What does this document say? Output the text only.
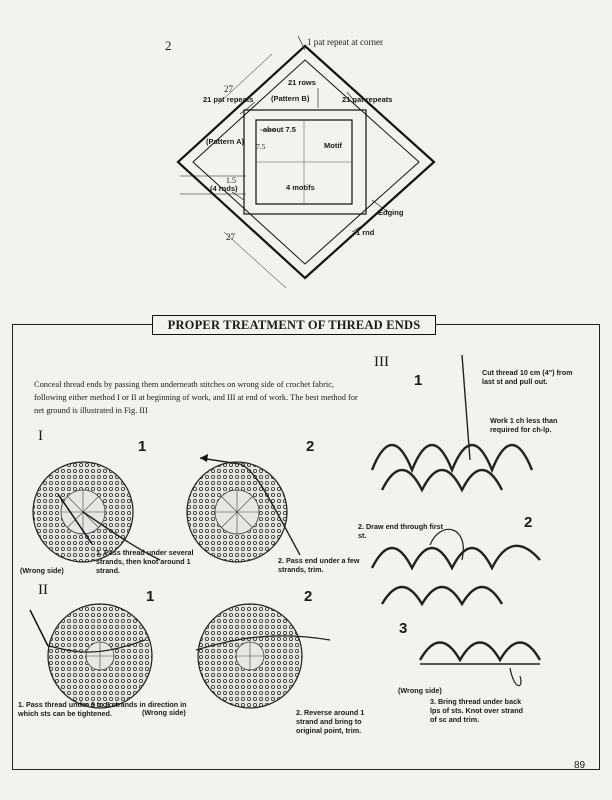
2	1 pat repeat at corner
27
21 pat repeats
21 rows
(Pattern B)	21 pat repeats
(Pattern A)
about 7.5
7.5	Motif
1.5
(4 rnds)	4 motifs
Edging
1 rnd
27
PROPER TREATMENT OF THREAD ENDS
Conceal thread ends by passing them underneath stitches on wrong side of crochet fabric, following either method I or II at beginning of work, and III at end of work. The best method for net ground is illustrated in Fig. III
I
1	2
(Wrong side)
1. Pass thread under several strands, then knot around 1 strand.
2. Pass end under a few strands, trim.
II	1	2
(Wrong side)
1. Pass thread under 6 to 8 strands in direction in which sts can be tightened.	2. Reverse around 1 strand and bring to original point, trim.
III
1
2
3
Cut thread 10 cm (4") from last st and pull out.
Work 1 ch less than required for ch-lp.
2. Draw end through first st.
(Wrong side)
3. Bring thread under back lps of sts. Knot over strand of sc and trim.
89
